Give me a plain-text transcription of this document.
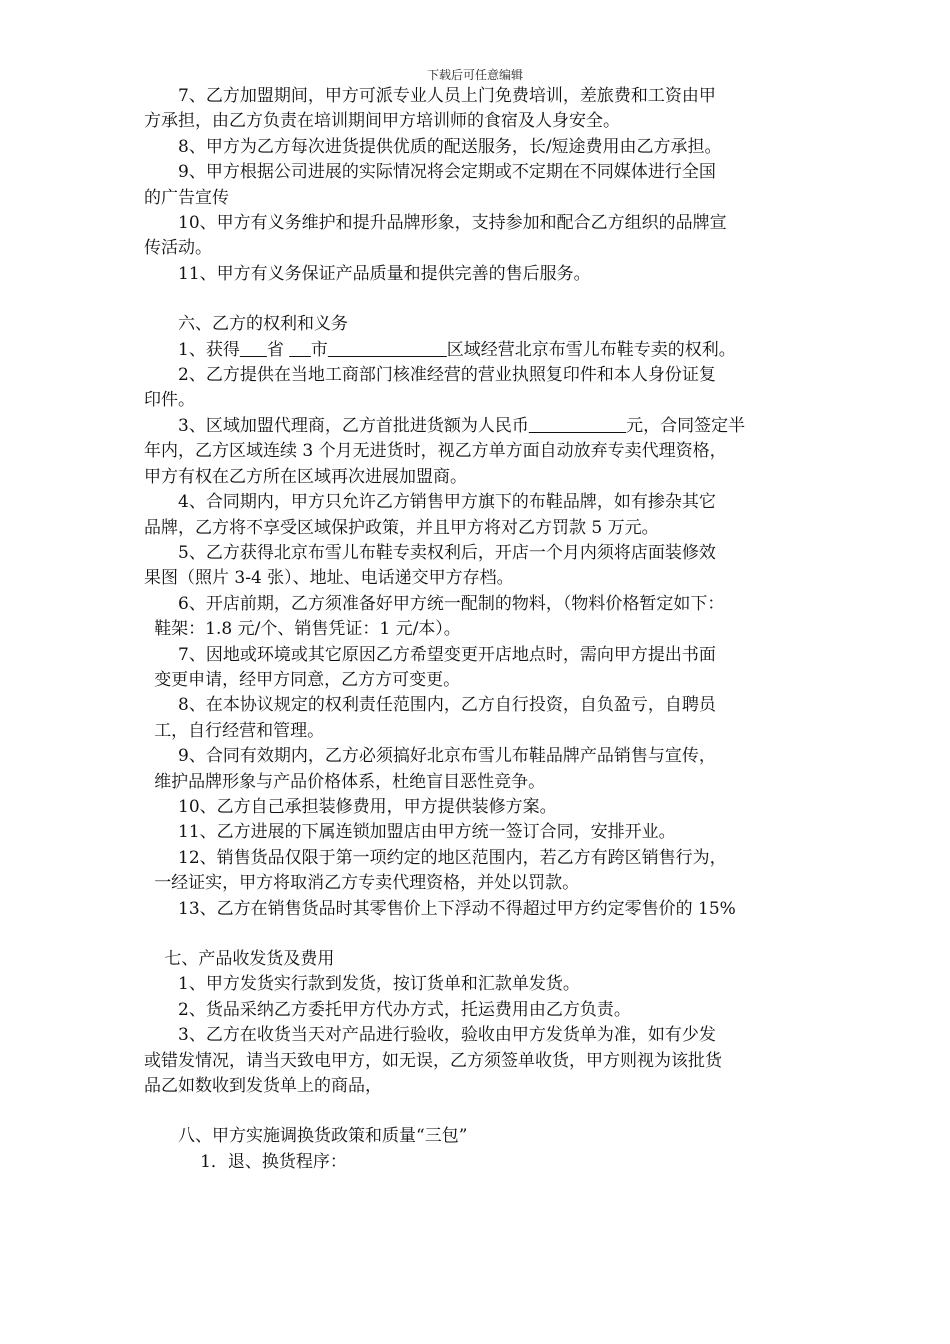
下载后可任意编辑

7、乙方加盟期间，甲方可派专业人员上门免费培训，差旅费和工资由甲

方承担，由乙方负责在培训期间甲方培训师的食宿及人身安全。

8、甲方为乙方每次进货提供优质的配送服务，长/短途费用由乙方承担。

9、甲方根据公司进展的实际情况将会定期或不定期在不同媒体进行全国

的广告宣传

10、甲方有义务维护和提升品牌形象，支持参加和配合乙方组织的品牌宣

传活动。

11、甲方有义务保证产品质量和提供完善的售后服务。

六、乙方的权利和义务

1、获得 省 市	区域经营北京布雪儿布鞋专卖的权利。

2、乙方提供在当地工商部门核准经营的营业执照复印件和本人身份证复

印件。

3、区域加盟代理商，乙方首批进货额为人民币	元，合同签定半

年内，乙方区域连续 3 个月无进货时，视乙方单方面自动放弃专卖代理资格，

甲方有权在乙方所在区域再次进展加盟商。

4、合同期内，甲方只允许乙方销售甲方旗下的布鞋品牌，如有掺杂其它

品牌，乙方将不享受区域保护政策，并且甲方将对乙方罚款 5 万元。

5、乙方获得北京布雪儿布鞋专卖权利后，开店一个月内须将店面装修效

果图（照片 3-4 张）、地址、电话递交甲方存档。

6、开店前期，乙方须准备好甲方统一配制的物料，（物料价格暂定如下：

鞋架：1.8 元/个、销售凭证：1 元/本）。

7、因地或环境或其它原因乙方希望变更开店地点时，需向甲方提出书面

变更申请，经甲方同意，乙方方可变更。

8、在本协议规定的权利责任范围内，乙方自行投资，自负盈亏，自聘员

工，自行经营和管理。

9、合同有效期内，乙方必须搞好北京布雪儿布鞋品牌产品销售与宣传，

维护品牌形象与产品价格体系，杜绝盲目恶性竞争。

10、乙方自己承担装修费用，甲方提供装修方案。

11、乙方进展的下属连锁加盟店由甲方统一签订合同，安排开业。

12、销售货品仅限于第一项约定的地区范围内，若乙方有跨区销售行为，

一经证实，甲方将取消乙方专卖代理资格，并处以罚款。

13、乙方在销售货品时其零售价上下浮动不得超过甲方约定零售价的 15%

七、产品收发货及费用

1、甲方发货实行款到发货，按订货单和汇款单发货。

2、货品采纳乙方委托甲方代办方式，托运费用由乙方负责。

3、乙方在收货当天对产品进行验收，验收由甲方发货单为准，如有少发

或错发情况，请当天致电甲方，如无误，乙方须签单收货，甲方则视为该批货

品乙如数收到发货单上的商品，

八、甲方实施调换货政策和质量“三包”

1．退、换货程序：
